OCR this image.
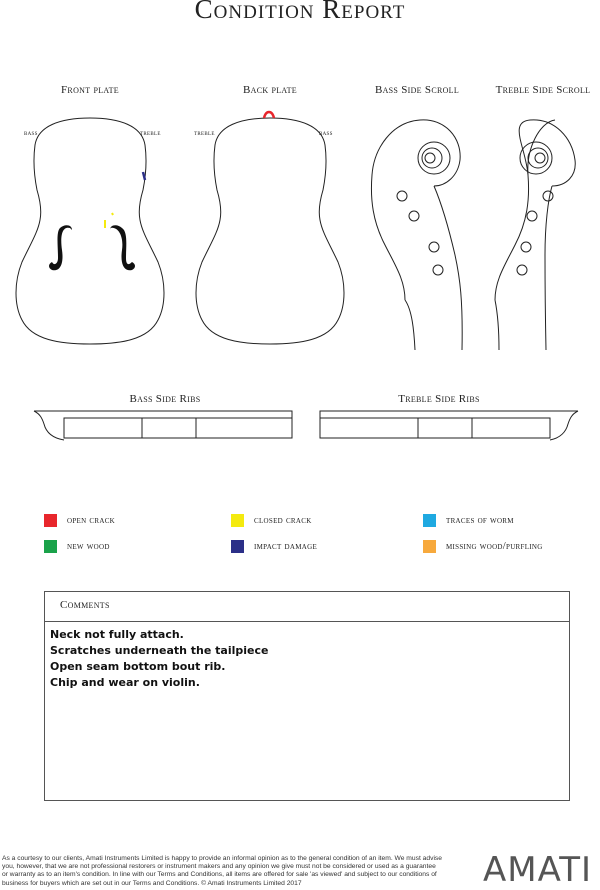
Condition Report
Front plate	Back plate	Bass Side Scroll	Treble Side Scroll
Bass Side Ribs	Treble Side Ribs
bass	treble	treble	bass
open crack	closed crack	traces of worm
new wood	impact damage	missing wood/purfling
Comments
Neck not fully attach.
Scratches underneath the tailpiece
Open seam bottom bout rib.
Chip and wear on violin.
As a courtesy to our clients, Amati Instruments Limited is happy to provide an informal opinion as to the general condition of an item. We must advise you, however, that we are not professional restorers or instrument makers and any opinion we give must not be considered or used as a guarantee or warranty as to an item's condition. In line with our Terms and Conditions, all items are offered for sale 'as viewed' and subject to our conditions of business for buyers which are set out in our Terms and Conditions. © Amati Instruments Limited 2017	AMATI
